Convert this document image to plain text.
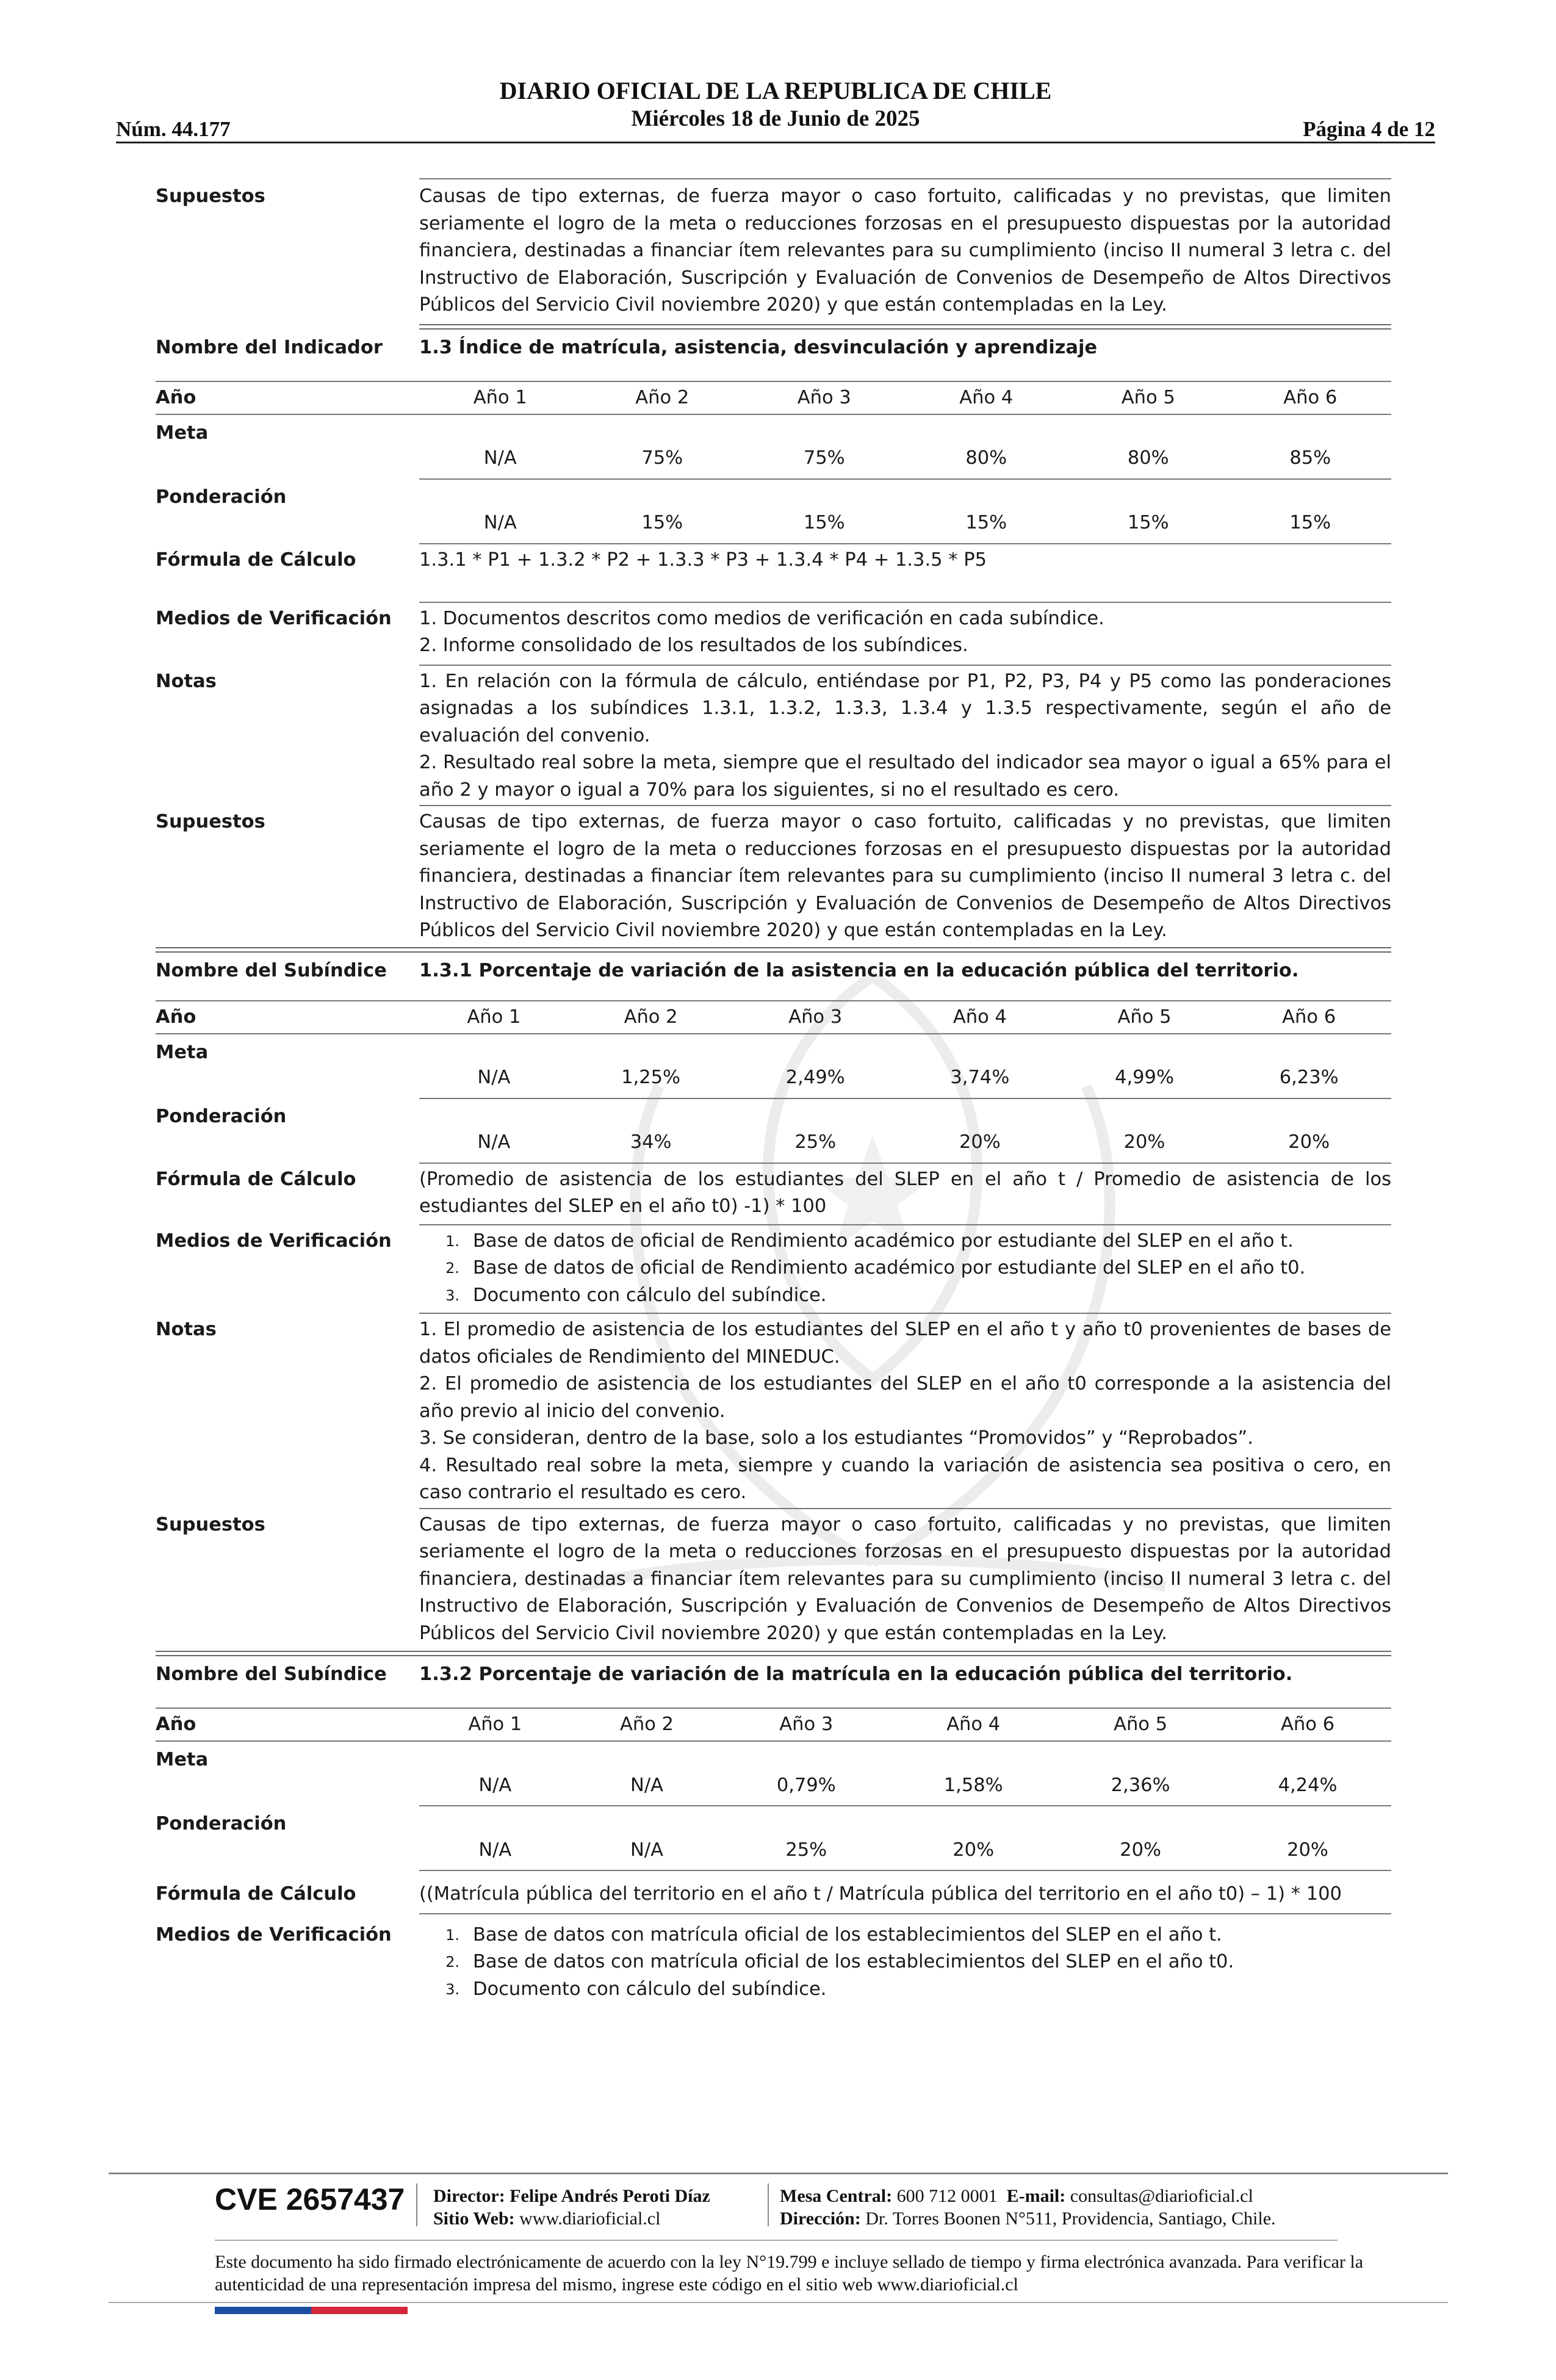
Núm. 44.177
DIARIO OFICIAL DE LA REPUBLICA DE CHILE
Miércoles 18 de Junio de 2025	Página 4 de 12
Supuestos	Causas de tipo externas, de fuerza mayor o caso fortuito, calificadas y no previstas, que limiten seriamente el logro de la meta o reducciones forzosas en el presupuesto dispuestas por la autoridad financiera, destinadas a financiar ítem relevantes para su cumplimiento (inciso II numeral 3 letra c. del Instructivo de Elaboración, Suscripción y Evaluación de Convenios de Desempeño de Altos Directivos Públicos del Servicio Civil noviembre 2020) y que están contempladas en la Ley.
Nombre del Indicador	1.3 Índice de matrícula, asistencia, desvinculación y aprendizaje
Año	Año 1	Año 2	Año 3	Año 4	Año 5	Año 6
Meta	N/A	75%	75%	80%	80%	85%
Ponderación	N/A	15%	15%	15%	15%	15%
Fórmula de Cálculo	1.3.1 * P1 + 1.3.2 * P2 + 1.3.3 * P3 + 1.3.4 * P4 + 1.3.5 * P5
Medios de Verificación	1. Documentos descritos como medios de verificación en cada subíndice.
2. Informe consolidado de los resultados de los subíndices.
Notas	1. En relación con la fórmula de cálculo, entiéndase por P1, P2, P3, P4 y P5 como las ponderaciones asignadas a los subíndices 1.3.1, 1.3.2, 1.3.3, 1.3.4 y 1.3.5 respectivamente, según el año de evaluación del convenio.
2. Resultado real sobre la meta, siempre que el resultado del indicador sea mayor o igual a 65% para el año 2 y mayor o igual a 70% para los siguientes, si no el resultado es cero.
Supuestos	Causas de tipo externas, de fuerza mayor o caso fortuito, calificadas y no previstas, que limiten seriamente el logro de la meta o reducciones forzosas en el presupuesto dispuestas por la autoridad financiera, destinadas a financiar ítem relevantes para su cumplimiento (inciso II numeral 3 letra c. del Instructivo de Elaboración, Suscripción y Evaluación de Convenios de Desempeño de Altos Directivos Públicos del Servicio Civil noviembre 2020) y que están contempladas en la Ley.
Nombre del Subíndice	1.3.1 Porcentaje de variación de la asistencia en la educación pública del territorio.
Año	Año 1	Año 2	Año 3	Año 4	Año 5	Año 6
Meta	N/A	1,25%	2,49%	3,74%	4,99%	6,23%
Ponderación	N/A	34%	25%	20%	20%	20%
Fórmula de Cálculo	(Promedio de asistencia de los estudiantes del SLEP en el año t / Promedio de asistencia de los estudiantes del SLEP en el año t0) -1) * 100
Medios de Verificación	1. Base de datos de oficial de Rendimiento académico por estudiante del SLEP en el año t.
2. Base de datos de oficial de Rendimiento académico por estudiante del SLEP en el año t0.
3. Documento con cálculo del subíndice.
Notas	1. El promedio de asistencia de los estudiantes del SLEP en el año t y año t0 provenientes de bases de datos oficiales de Rendimiento del MINEDUC.
2. El promedio de asistencia de los estudiantes del SLEP en el año t0 corresponde a la asistencia del año previo al inicio del convenio.
3. Se consideran, dentro de la base, solo a los estudiantes “Promovidos” y “Reprobados”.
4. Resultado real sobre la meta, siempre y cuando la variación de asistencia sea positiva o cero, en caso contrario el resultado es cero.
Supuestos	Causas de tipo externas, de fuerza mayor o caso fortuito, calificadas y no previstas, que limiten seriamente el logro de la meta o reducciones forzosas en el presupuesto dispuestas por la autoridad financiera, destinadas a financiar ítem relevantes para su cumplimiento (inciso II numeral 3 letra c. del Instructivo de Elaboración, Suscripción y Evaluación de Convenios de Desempeño de Altos Directivos Públicos del Servicio Civil noviembre 2020) y que están contempladas en la Ley.
Nombre del Subíndice	1.3.2 Porcentaje de variación de la matrícula en la educación pública del territorio.
Año	Año 1	Año 2	Año 3	Año 4	Año 5	Año 6
Meta	N/A	N/A	0,79%	1,58%	2,36%	4,24%
Ponderación	N/A	N/A	25%	20%	20%	20%
Fórmula de Cálculo	((Matrícula pública del territorio en el año t / Matrícula pública del territorio en el año t0) – 1) * 100
Medios de Verificación	1. Base de datos con matrícula oficial de los establecimientos del SLEP en el año t.
2. Base de datos con matrícula oficial de los establecimientos del SLEP en el año t0.
3. Documento con cálculo del subíndice.
CVE 2657437 Director: Felipe Andrés Peroti Díaz
Sitio Web: www.diarioficial.cl
Mesa Central: 600 712 0001 E-mail: consultas@diarioficial.cl
Dirección: Dr. Torres Boonen N°511, Providencia, Santiago, Chile.
Este documento ha sido firmado electrónicamente de acuerdo con la ley N°19.799 e incluye sellado de tiempo y firma electrónica avanzada. Para verificar la autenticidad de una representación impresa del mismo, ingrese este código en el sitio web www.diarioficial.cl
